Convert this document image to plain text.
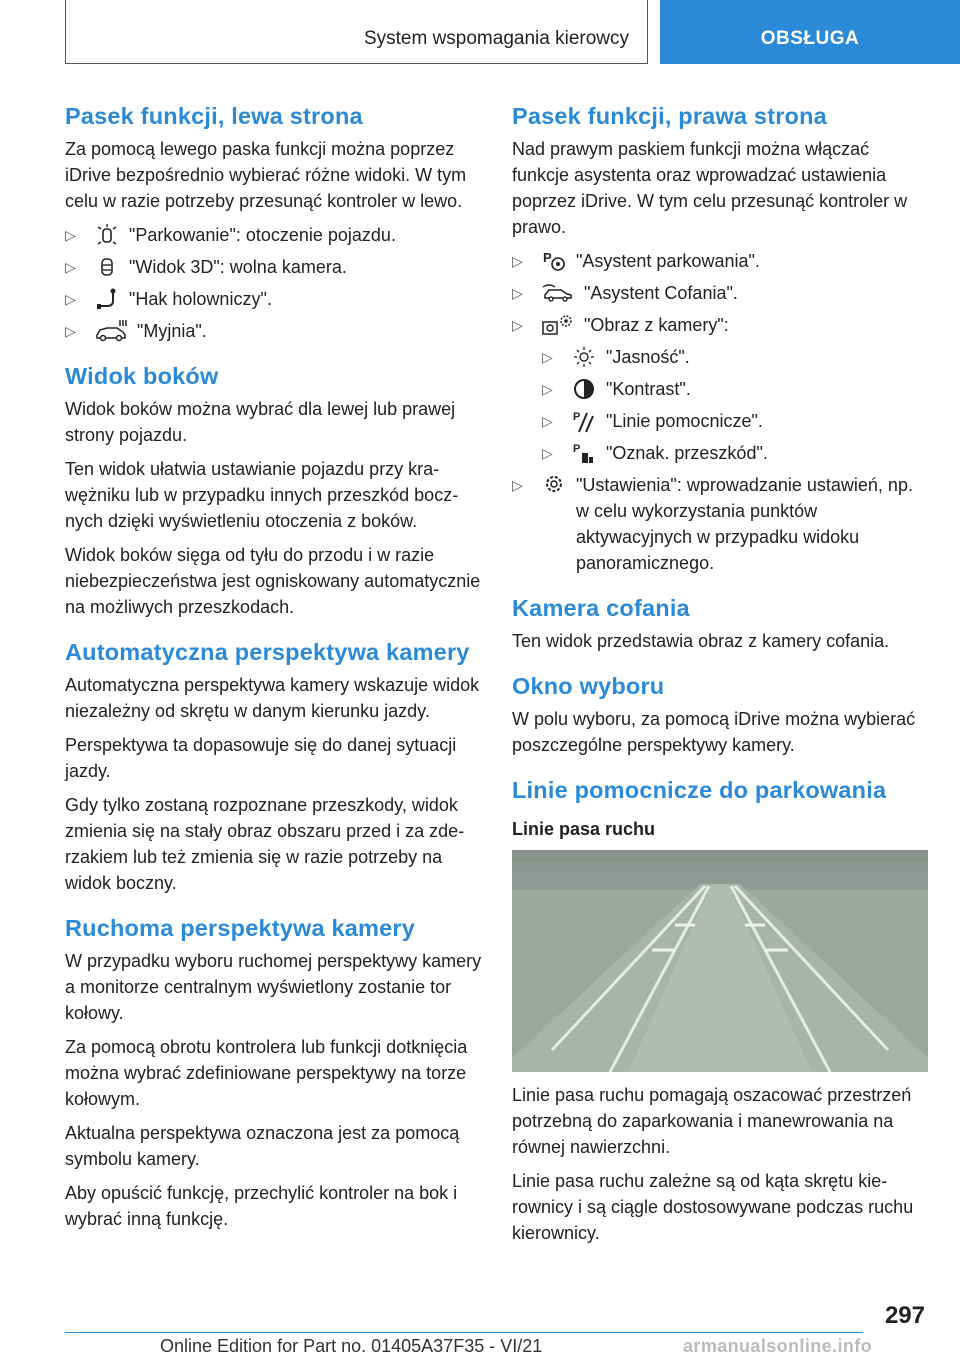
System wspomagania kierowcy	OBSŁUGA
Pasek funkcji, lewa strona

Za pomocą lewego paska funkcji można poprzez iDrive bezpośrednio wybierać różne widoki. W tym celu w razie potrzeby przesunąć kontroler w lewo.

▷	"Parkowanie": otoczenie pojazdu.
▷	"Widok 3D": wolna kamera.
▷	"Hak holowniczy".
▷	"Myjnia".
Widok boków

Widok boków można wybrać dla lewej lub prawej strony pojazdu.

Ten widok ułatwia ustawianie pojazdu przy krawężniku lub w przypadku innych przeszkód bocznych dzięki wyświetleniu otoczenia z boków.

Widok boków sięga od tyłu do przodu i w razie niebezpieczeństwa jest ogniskowany automatycznie na możliwych przeszkodach.

Automatyczna perspektywa kamery

Automatyczna perspektywa kamery wskazuje widok niezależny od skrętu w danym kierunku jazdy.

Perspektywa ta dopasowuje się do danej sytuacji jazdy.

Gdy tylko zostaną rozpoznane przeszkody, widok zmienia się na stały obraz obszaru przed i za zderzakiem lub też zmienia się w razie potrzeby na widok boczny.

Ruchoma perspektywa kamery

W przypadku wyboru ruchomej perspektywy kamery a monitorze centralnym wyświetlony zostanie tor kołowy.

Za pomocą obrotu kontrolera lub funkcji dotknięcia można wybrać zdefiniowane perspektywy na torze kołowym.

Aktualna perspektywa oznaczona jest za pomocą symbolu kamery.

Aby opuścić funkcję, przechylić kontroler na bok i wybrać inną funkcję.

Pasek funkcji, prawa strona

Nad prawym paskiem funkcji można włączać funkcje asystenta oraz wprowadzać ustawienia poprzez iDrive. W tym celu przesunąć kontroler w prawo.

▷	P "Asystent parkowania".
▷	"Asystent Cofania".
▷	"Obraz z kamery":
▷	"Jasność".
▷	"Kontrast".
▷	P "Linie pomocnicze".
▷	P "Oznak. przeszkód".
▷	"Ustawienia": wprowadzanie ustawień, np. w celu wykorzystania punktów aktywacyjnych w przypadku widoku panoramicznego.
Kamera cofania

Ten widok przedstawia obraz z kamery cofania.

Okno wyboru

W polu wyboru, za pomocą iDrive można wybierać poszczególne perspektywy kamery.

Linie pomocnicze do parkowania
Linie pasa ruchu

Linie pasa ruchu pomagają oszacować przestrzeń potrzebną do zaparkowania i manewrowania na równej nawierzchni.

Linie pasa ruchu zależne są od kąta skrętu kierownicy i są ciągle dostosowywane podczas ruchu kierownicy.

297
Online Edition for Part no. 01405A37F35 - VI/21	armanualsonline.info
